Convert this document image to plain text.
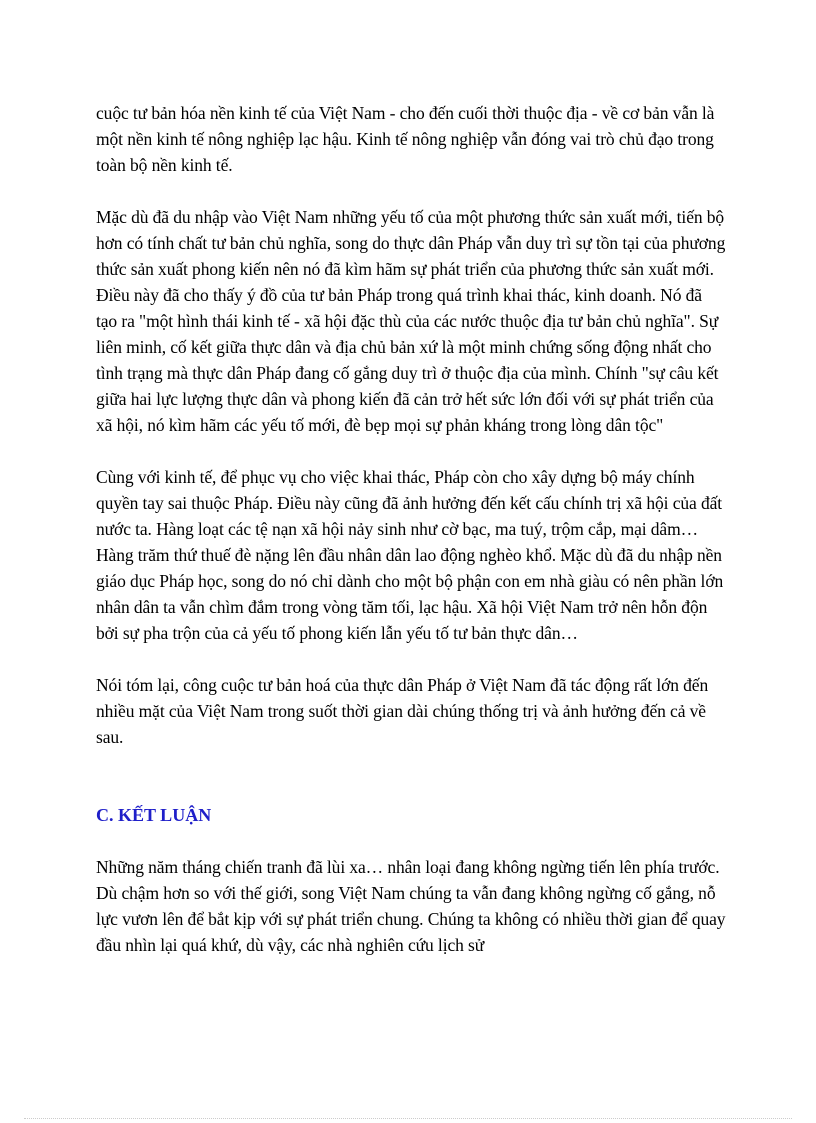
cuộc tư bản hóa nền kinh tế của Việt Nam - cho đến cuối thời thuộc địa - về cơ bản vẫn là một nền kinh tế nông nghiệp lạc hậu. Kinh tế nông nghiệp vẫn đóng vai trò chủ đạo trong toàn bộ nền kinh tế.

Mặc dù đã du nhập vào Việt Nam những yếu tố của một phương thức sản xuất mới, tiến bộ hơn có tính chất tư bản chủ nghĩa, song do thực dân Pháp vẫn duy trì sự tồn tại của phương thức sản xuất phong kiến nên nó đã kìm hãm sự phát triển của phương thức sản xuất mới. Điều này đã cho thấy ý đồ của tư bản Pháp trong quá trình khai thác, kinh doanh. Nó đã tạo ra "một hình thái kinh tế - xã hội đặc thù của các nước thuộc địa tư bản chủ nghĩa". Sự liên minh, cố kết giữa thực dân và địa chủ bản xứ là một minh chứng sống động nhất cho tình trạng mà thực dân Pháp đang cố gắng duy trì ở thuộc địa của mình. Chính "sự câu kết giữa hai lực lượng thực dân và phong kiến đã cản trở hết sức lớn đối với sự phát triển của xã hội, nó kìm hãm các yếu tố mới, đè bẹp mọi sự phản kháng trong lòng dân tộc"

Cùng với kinh tế, để phục vụ cho việc khai thác, Pháp còn cho xây dựng bộ máy chính quyền tay sai thuộc Pháp. Điều này cũng đã ảnh hưởng đến kết cấu chính trị xã hội của đất nước ta. Hàng loạt các tệ nạn xã hội nảy sinh như cờ bạc, ma tuý, trộm cắp, mại dâm… Hàng trăm thứ thuế đè nặng lên đầu nhân dân lao động nghèo khổ. Mặc dù đã du nhập nền giáo dục Pháp học, song do nó chỉ dành cho một bộ phận con em nhà giàu có nên phần lớn nhân dân ta vẫn chìm đắm trong vòng tăm tối, lạc hậu. Xã hội Việt Nam trở nên hỗn độn bởi sự pha trộn của cả yếu tố phong kiến lẫn yếu tố tư bản thực dân…

Nói tóm lại, công cuộc tư bản hoá của thực dân Pháp ở Việt Nam đã tác động rất lớn đến nhiều mặt của Việt Nam trong suốt thời gian dài chúng thống trị và ảnh hưởng đến cả về sau.

C. KẾT LUẬN

Những năm tháng chiến tranh đã lùi xa… nhân loại đang không ngừng tiến lên phía trước. Dù chậm hơn so với thế giới, song Việt Nam chúng ta vẫn đang không ngừng cố gắng, nỗ lực vươn lên để bắt kịp với sự phát triển chung. Chúng ta không có nhiều thời gian để quay đầu nhìn lại quá khứ, dù vậy, các nhà nghiên cứu lịch sử
